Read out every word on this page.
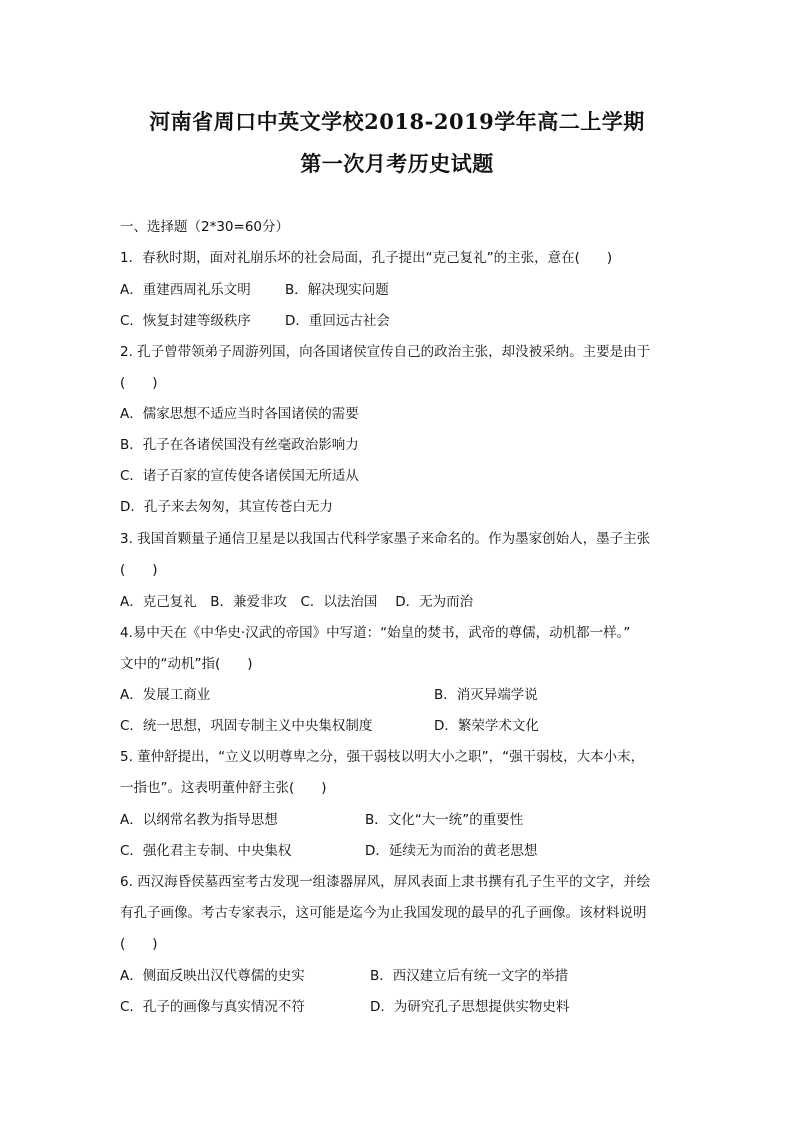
河南省周口中英文学校2018-2019学年高二上学期
第一次月考历史试题
一、选择题（2*30=60分）
1．春秋时期，面对礼崩乐坏的社会局面，孔子提出“克己复礼”的主张，意在(　　)
A．重建西周礼乐文明	B．解决现实问题
C．恢复封建等级秩序	D．重回远古社会
2. 孔子曾带领弟子周游列国，向各国诸侯宣传自己的政治主张，却没被采纳。主要是由于
(　　)
A．儒家思想不适应当时各国诸侯的需要
B．孔子在各诸侯国没有丝毫政治影响力
C．诸子百家的宣传使各诸侯国无所适从
D．孔子来去匆匆，其宣传苍白无力
3. 我国首颗量子通信卫星是以我国古代科学家墨子来命名的。作为墨家创始人，墨子主张
(　　)
A．克己复礼　B．兼爱非攻　C．以法治国　 D．无为而治
4.易中天在《中华史·汉武的帝国》中写道：“始皇的焚书，武帝的尊儒，动机都一样。”
文中的“动机”指(　　)
A．发展工商业	B．消灭异端学说
C．统一思想，巩固专制主义中央集权制度	D．繁荣学术文化
5. 董仲舒提出，“立义以明尊卑之分，强干弱枝以明大小之职”，“强干弱枝，大本小末，
一指也”。这表明董仲舒主张(　　)
A．以纲常名教为指导思想	B．文化“大一统”的重要性
C．强化君主专制、中央集权	D．延续无为而治的黄老思想
6. 西汉海昏侯墓西室考古发现一组漆器屏风，屏风表面上隶书撰有孔子生平的文字，并绘
有孔子画像。考古专家表示，这可能是迄今为止我国发现的最早的孔子画像。该材料说明
(　　)
A．侧面反映出汉代尊儒的史实	B．西汉建立后有统一文字的举措
C．孔子的画像与真实情况不符	D．为研究孔子思想提供实物史料
